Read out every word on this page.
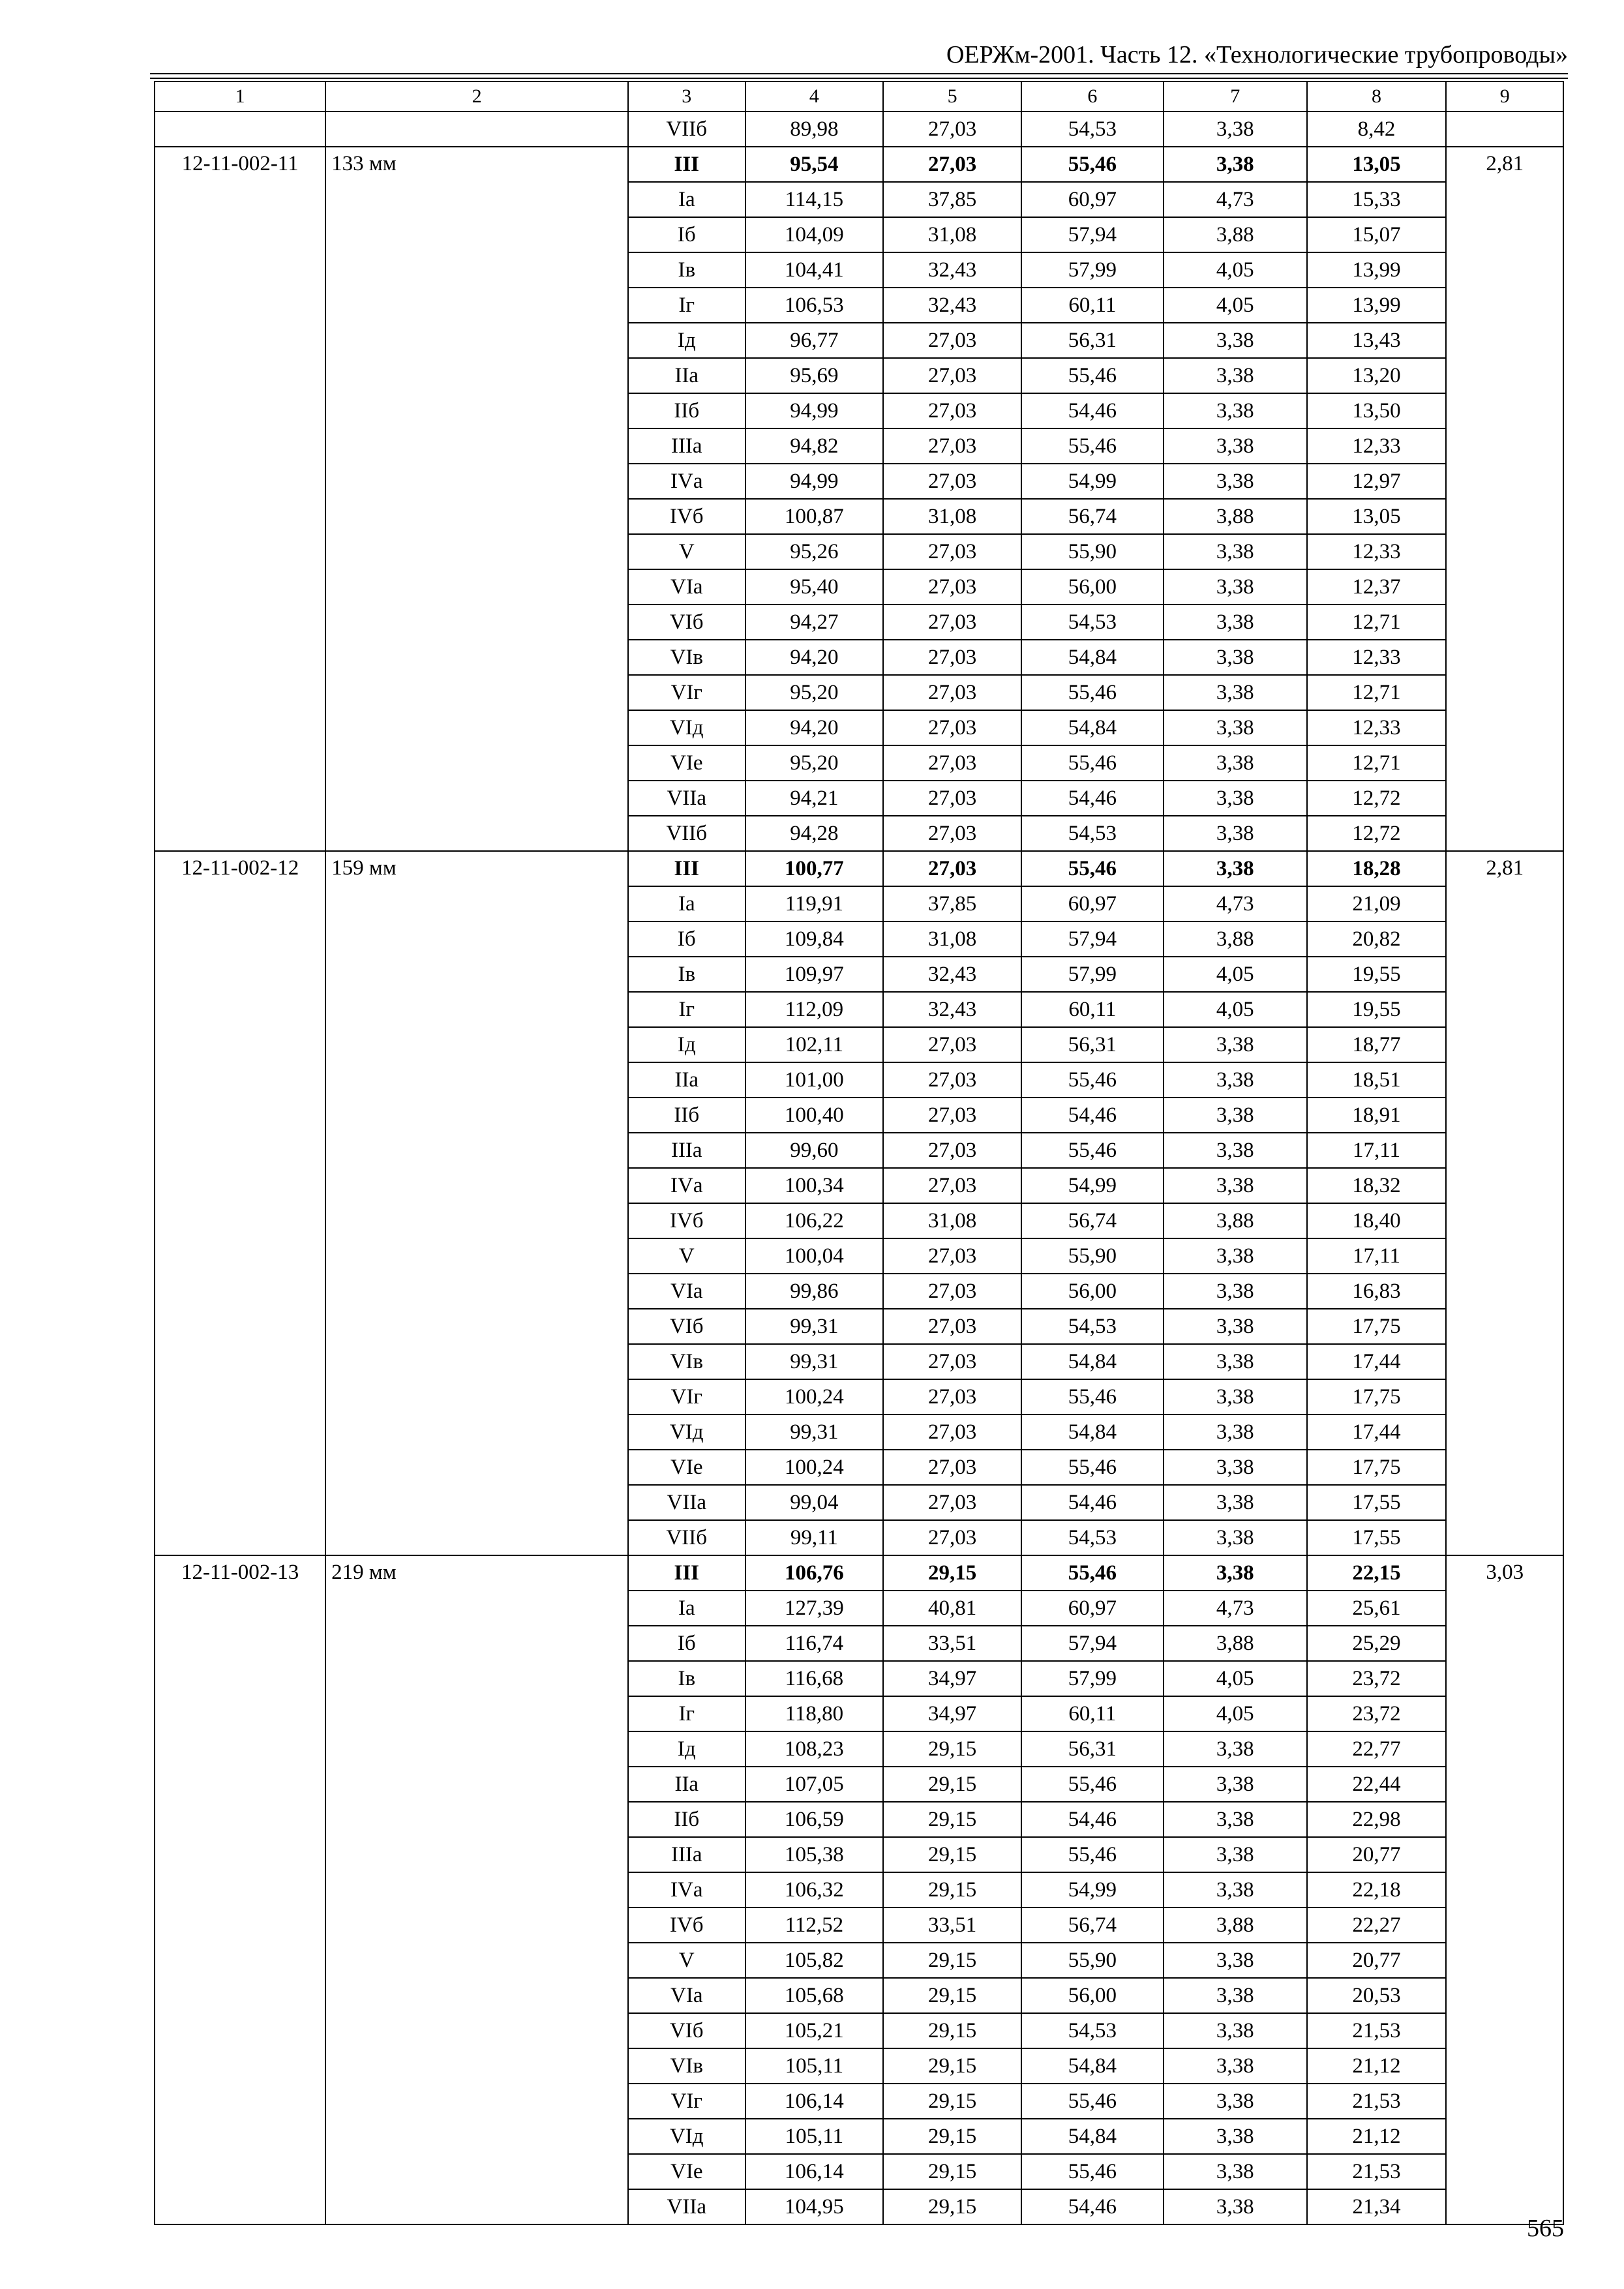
ОЕРЖм-2001. Часть 12. «Технологические трубопроводы»
1	2	3	4	5	6	7	8	9
		VIIб	89,98	27,03	54,53	3,38	8,42	
12-11-002-11	133 мм	III	95,54	27,03	55,46	3,38	13,05	2,81
		Iа	114,15	37,85	60,97	4,73	15,33	
		Iб	104,09	31,08	57,94	3,88	15,07	
		Iв	104,41	32,43	57,99	4,05	13,99	
		Iг	106,53	32,43	60,11	4,05	13,99	
		Iд	96,77	27,03	56,31	3,38	13,43	
		IIа	95,69	27,03	55,46	3,38	13,20	
		IIб	94,99	27,03	54,46	3,38	13,50	
		IIIа	94,82	27,03	55,46	3,38	12,33	
		IVа	94,99	27,03	54,99	3,38	12,97	
		IVб	100,87	31,08	56,74	3,88	13,05	
		V	95,26	27,03	55,90	3,38	12,33	
		VIа	95,40	27,03	56,00	3,38	12,37	
		VIб	94,27	27,03	54,53	3,38	12,71	
		VIв	94,20	27,03	54,84	3,38	12,33	
		VIг	95,20	27,03	55,46	3,38	12,71	
		VIд	94,20	27,03	54,84	3,38	12,33	
		VIе	95,20	27,03	55,46	3,38	12,71	
		VIIа	94,21	27,03	54,46	3,38	12,72	
		VIIб	94,28	27,03	54,53	3,38	12,72	
12-11-002-12	159 мм	III	100,77	27,03	55,46	3,38	18,28	2,81
		Iа	119,91	37,85	60,97	4,73	21,09	
		Iб	109,84	31,08	57,94	3,88	20,82	
		Iв	109,97	32,43	57,99	4,05	19,55	
		Iг	112,09	32,43	60,11	4,05	19,55	
		Iд	102,11	27,03	56,31	3,38	18,77	
		IIа	101,00	27,03	55,46	3,38	18,51	
		IIб	100,40	27,03	54,46	3,38	18,91	
		IIIа	99,60	27,03	55,46	3,38	17,11	
		IVа	100,34	27,03	54,99	3,38	18,32	
		IVб	106,22	31,08	56,74	3,88	18,40	
		V	100,04	27,03	55,90	3,38	17,11	
		VIа	99,86	27,03	56,00	3,38	16,83	
		VIб	99,31	27,03	54,53	3,38	17,75	
		VIв	99,31	27,03	54,84	3,38	17,44	
		VIг	100,24	27,03	55,46	3,38	17,75	
		VIд	99,31	27,03	54,84	3,38	17,44	
		VIе	100,24	27,03	55,46	3,38	17,75	
		VIIа	99,04	27,03	54,46	3,38	17,55	
		VIIб	99,11	27,03	54,53	3,38	17,55	
12-11-002-13	219 мм	III	106,76	29,15	55,46	3,38	22,15	3,03
		Iа	127,39	40,81	60,97	4,73	25,61	
		Iб	116,74	33,51	57,94	3,88	25,29	
		Iв	116,68	34,97	57,99	4,05	23,72	
		Iг	118,80	34,97	60,11	4,05	23,72	
		Iд	108,23	29,15	56,31	3,38	22,77	
		IIа	107,05	29,15	55,46	3,38	22,44	
		IIб	106,59	29,15	54,46	3,38	22,98	
		IIIа	105,38	29,15	55,46	3,38	20,77	
		IVа	106,32	29,15	54,99	3,38	22,18	
		IVб	112,52	33,51	56,74	3,88	22,27	
		V	105,82	29,15	55,90	3,38	20,77	
		VIа	105,68	29,15	56,00	3,38	20,53	
		VIб	105,21	29,15	54,53	3,38	21,53	
		VIв	105,11	29,15	54,84	3,38	21,12	
		VIг	106,14	29,15	55,46	3,38	21,53	
		VIд	105,11	29,15	54,84	3,38	21,12	
		VIе	106,14	29,15	55,46	3,38	21,53	
		VIIа	104,95	29,15	54,46	3,38	21,34	
565
